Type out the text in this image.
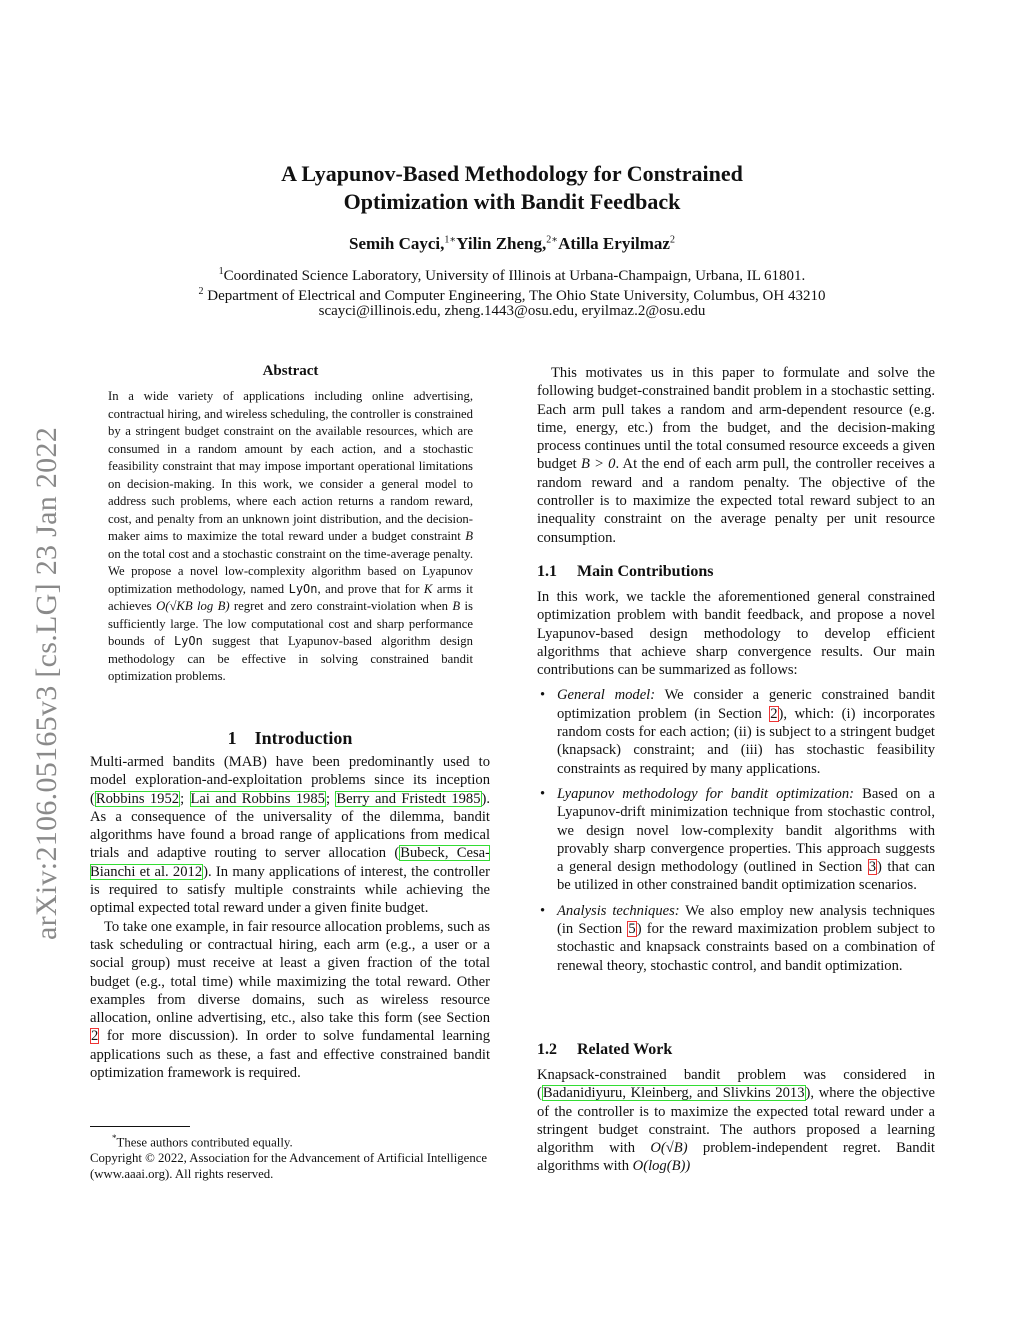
arXiv:2106.05165v3 [cs.LG] 23 Jan 2022
A Lyapunov-Based Methodology for Constrained
Optimization with Bandit Feedback
Semih Cayci,$^{1∗}$Yilin Zheng,$^{2∗}$Atilla Eryilmaz$^2$
$^1$Coordinated Science Laboratory, University of Illinois at Urbana-Champaign, Urbana, IL 61801.
$^2$ Department of Electrical and Computer Engineering, The Ohio State University, Columbus, OH 43210
scayci@illinois.edu, zheng.1443@osu.edu, eryilmaz.2@osu.edu
Abstract
In a wide variety of applications including online advertising, contractual hiring, and wireless scheduling, the controller is constrained by a stringent budget constraint on the available resources, which are consumed in a random amount by each action, and a stochastic feasibility constraint that may impose important operational limitations on decision-making. In this work, we consider a general model to address such problems, where each action returns a random reward, cost, and penalty from an unknown joint distribution, and the decision-maker aims to maximize the total reward under a budget constraint B on the total cost and a stochastic constraint on the time-average penalty. We propose a novel low-complexity algorithm based on Lyapunov optimization methodology, named LyOn, and prove that for K arms it achieves O(√KB log B) regret and zero constraint-violation when B is sufficiently large. The low computational cost and sharp performance bounds of LyOn suggest that Lyapunov-based algorithm design methodology can be effective in solving constrained bandit optimization problems.
1 Introduction

Multi-armed bandits (MAB) have been predominantly used to model exploration-and-exploitation problems since its inception (Robbins 1952; Lai and Robbins 1985; Berry and Fristedt 1985). As a consequence of the universality of the dilemma, bandit algorithms have found a broad range of applications from medical trials and adaptive routing to server allocation (Bubeck, Cesa-Bianchi et al. 2012). In many applications of interest, the controller is required to satisfy multiple constraints while achieving the optimal expected total reward under a given finite budget.

To take one example, in fair resource allocation problems, such as task scheduling or contractual hiring, each arm (e.g., a user or a social group) must receive at least a given fraction of the total budget (e.g., total time) while maximizing the total reward. Other examples from diverse domains, such as wireless resource allocation, online advertising, etc., also take this form (see Section 2 for more discussion). In order to solve fundamental learning applications such as these, a fast and effective constrained bandit optimization framework is required.

*These authors contributed equally.
Copyright © 2022, Association for the Advancement of Artificial Intelligence (www.aaai.org). All rights reserved.

This motivates us in this paper to formulate and solve the following budget-constrained bandit problem in a stochastic setting. Each arm pull takes a random and arm-dependent resource (e.g. time, energy, etc.) from the budget, and the decision-making process continues until the total consumed resource exceeds a given budget B > 0. At the end of each arm pull, the controller receives a random reward and a random penalty. The objective of the controller is to maximize the expected total reward subject to an inequality constraint on the average penalty per unit resource consumption.

1.1 Main Contributions

In this work, we tackle the aforementioned general constrained optimization problem with bandit feedback, and propose a novel Lyapunov-based design methodology to develop efficient algorithms that achieve sharp convergence results. Our main contributions can be summarized as follows:

• General model: We consider a generic constrained bandit optimization problem (in Section 2), which: (i) incorporates random costs for each action; (ii) is subject to a stringent budget (knapsack) constraint; and (iii) has stochastic feasibility constraints as required by many applications.
• Lyapunov methodology for bandit optimization: Based on a Lyapunov-drift minimization technique from stochastic control, we design novel low-complexity bandit algorithms with provably sharp convergence properties. This approach suggests a general design methodology (outlined in Section 3) that can be utilized in other constrained bandit optimization scenarios.
• Analysis techniques: We also employ new analysis techniques (in Section 5) for the reward maximization problem subject to stochastic and knapsack constraints based on a combination of renewal theory, stochastic control, and bandit optimization.
1.2 Related Work

Knapsack-constrained bandit problem was considered in (Badanidiyuru, Kleinberg, and Slivkins 2013), where the objective of the controller is to maximize the expected total reward under a stringent budget constraint. The authors proposed a learning algorithm with O(√B) problem-independent regret. Bandit algorithms with O(log(B))
